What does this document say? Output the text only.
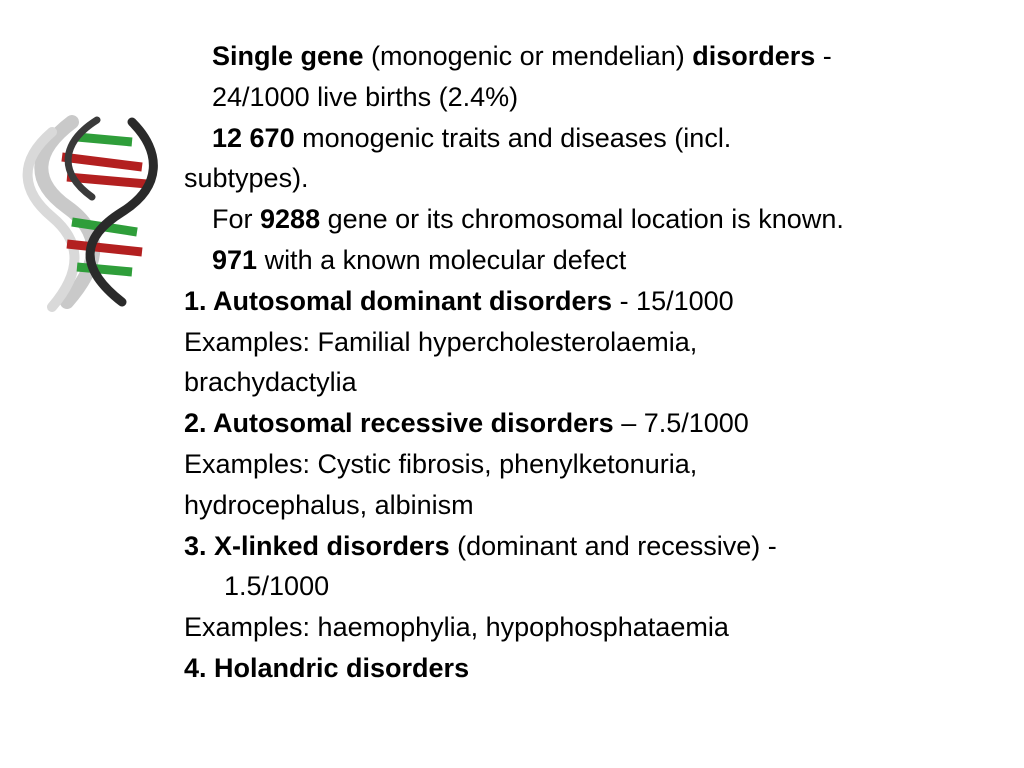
Single gene (monogenic or mendelian) disorders -
24/1000 live births (2.4%)
12 670 monogenic traits and diseases (incl.
subtypes).
For 9288 gene or its chromosomal location is known.
971 with a known molecular defect
1. Autosomal dominant disorders - 15/1000
Examples: Familial hypercholesterolaemia,
brachydactylia
2. Autosomal recessive disorders – 7.5/1000
Examples: Cystic fibrosis, phenylketonuria,
hydrocephalus, albinism
3. X-linked disorders (dominant and recessive) -
1.5/1000
Examples: haemophylia, hypophosphataemia
4. Holandric disorders
